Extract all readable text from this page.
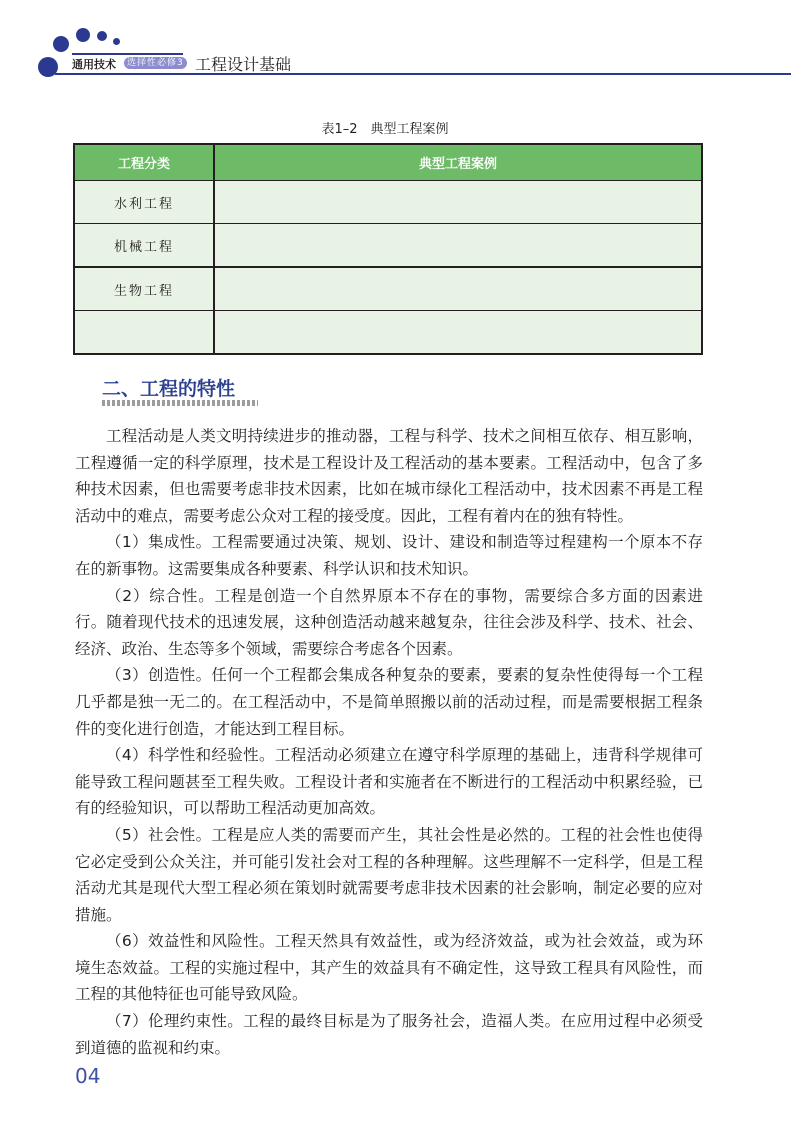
通用技术	选择性必修3 工程设计基础
表1–2　典型工程案例
工程分类	典型工程案例
水利工程	
机械工程	
生物工程	

二、工程的特性

工程活动是人类文明持续进步的推动器，工程与科学、技术之间相互依存、相互影响，工程遵循一定的科学原理，技术是工程设计及工程活动的基本要素。工程活动中，包含了多种技术因素，但也需要考虑非技术因素，比如在城市绿化工程活动中，技术因素不再是工程活动中的难点，需要考虑公众对工程的接受度。因此，工程有着内在的独有特性。

（1）集成性。工程需要通过决策、规划、设计、建设和制造等过程建构一个原本不存在的新事物。这需要集成各种要素、科学认识和技术知识。

（2）综合性。工程是创造一个自然界原本不存在的事物，需要综合多方面的因素进行。随着现代技术的迅速发展，这种创造活动越来越复杂，往往会涉及科学、技术、社会、经济、政治、生态等多个领域，需要综合考虑各个因素。

（3）创造性。任何一个工程都会集成各种复杂的要素，要素的复杂性使得每一个工程几乎都是独一无二的。在工程活动中，不是简单照搬以前的活动过程，而是需要根据工程条件的变化进行创造，才能达到工程目标。

（4）科学性和经验性。工程活动必须建立在遵守科学原理的基础上，违背科学规律可能导致工程问题甚至工程失败。工程设计者和实施者在不断进行的工程活动中积累经验，已有的经验知识，可以帮助工程活动更加高效。

（5）社会性。工程是应人类的需要而产生，其社会性是必然的。工程的社会性也使得它必定受到公众关注，并可能引发社会对工程的各种理解。这些理解不一定科学，但是工程活动尤其是现代大型工程必须在策划时就需要考虑非技术因素的社会影响，制定必要的应对措施。

（6）效益性和风险性。工程天然具有效益性，或为经济效益，或为社会效益，或为环境生态效益。工程的实施过程中，其产生的效益具有不确定性，这导致工程具有风险性，而工程的其他特征也可能导致风险。

（7）伦理约束性。工程的最终目标是为了服务社会，造福人类。在应用过程中必须受到道德的监视和约束。

04
